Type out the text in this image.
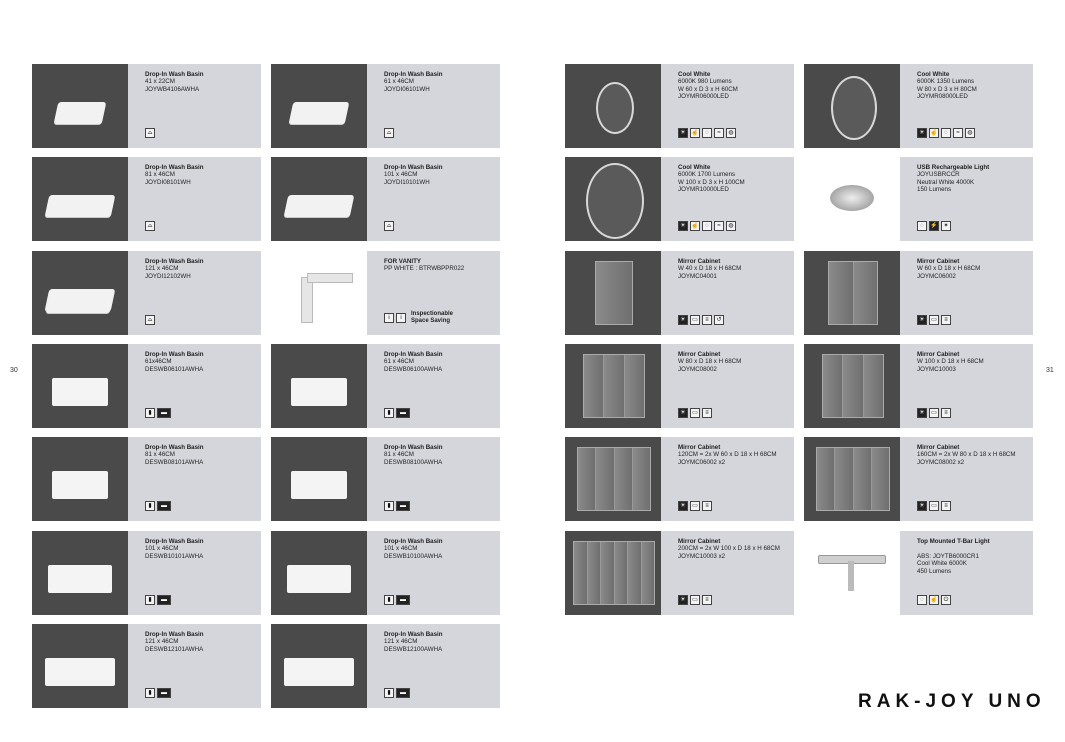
30	31
RAK-JOY UNO
Drop-In Wash Basin
41 x 22CM
JOYWB4106AWHA
⌓
Drop-In Wash Basin
61 x 46CM
JOYDI06101WH
⌓
Drop-In Wash Basin
81 x 46CM
JOYDI08101WH
⌓
Drop-In Wash Basin
101 x 46CM
JOYDI10101WH
⌓
Drop-In Wash Basin
121 x 46CM
JOYDI12102WH
⌓
FOR VANITY
PP WHITE : BTRWBPPR022
i	i
Inspectionable
Space Saving
Drop-In Wash Basin
61x46CM
DESWB06101AWHA
▮	▬
Drop-In Wash Basin
61 x 46CM
DESWB06100AWHA
▮	▬
Drop-In Wash Basin
81 x 46CM
DESWB08101AWHA
▮	▬
Drop-In Wash Basin
81 x 46CM
DESWB08100AWHA
▮	▬
Drop-In Wash Basin
101 x 46CM
DESWB10101AWHA
▮	▬
Drop-In Wash Basin
101 x 46CM
DESWB10100AWHA
▮	▬
Drop-In Wash Basin
121 x 46CM
DESWB12101AWHA
▮	▬
Drop-In Wash Basin
121 x 46CM
DESWB12100AWHA
▮	▬
Cool White
6000K 980 Lumens
W 60 x D 3 x H 60CM
JOYMR06000LED
☀ ☝	◌	≈	◍
Cool White
6000K 1350 Lumens
W 80 x D 3 x H 80CM
JOYMR08000LED
☀ ☝	◌	≈	◍
Cool White
6000K 1700 Lumens
W 100 x D 3 x H 100CM
JOYMR10000LED
☀ ☝	◌	≈	◍
USB Rechargeable Light
JOYUSBRCCR
Neutral White 4000K
150 Lumens
◌	⚡ ✶
Mirror Cabinet
W 40 x D 18 x H 68CM
JOYMC04001
☀	▭	≡	↺
Mirror Cabinet
W 60 x D 18 x H 68CM
JOYMC06002
☀	▭	≡
Mirror Cabinet
W 80 x D 18 x H 68CM
JOYMC08002
☀	▭	≡
Mirror Cabinet
W 100 x D 18 x H 68CM
JOYMC10003
☀	▭	≡
Mirror Cabinet
120CM = 2x W 60 x D 18 x H 68CM
JOYMC06002 x2
☀	▭	≡
Mirror Cabinet
160CM = 2x W 80 x D 18 x H 68CM
JOYMC08002 x2
☀	▭	≡
Mirror Cabinet
200CM = 2x W 100 x D 18 x H 68CM
JOYMC10003 x2
☀	▭	≡
Top Mounted T-Bar Light

ABS: JOYTB6000CR1
Cool White 6000K
450 Lumens
◌	☝ ⏻
